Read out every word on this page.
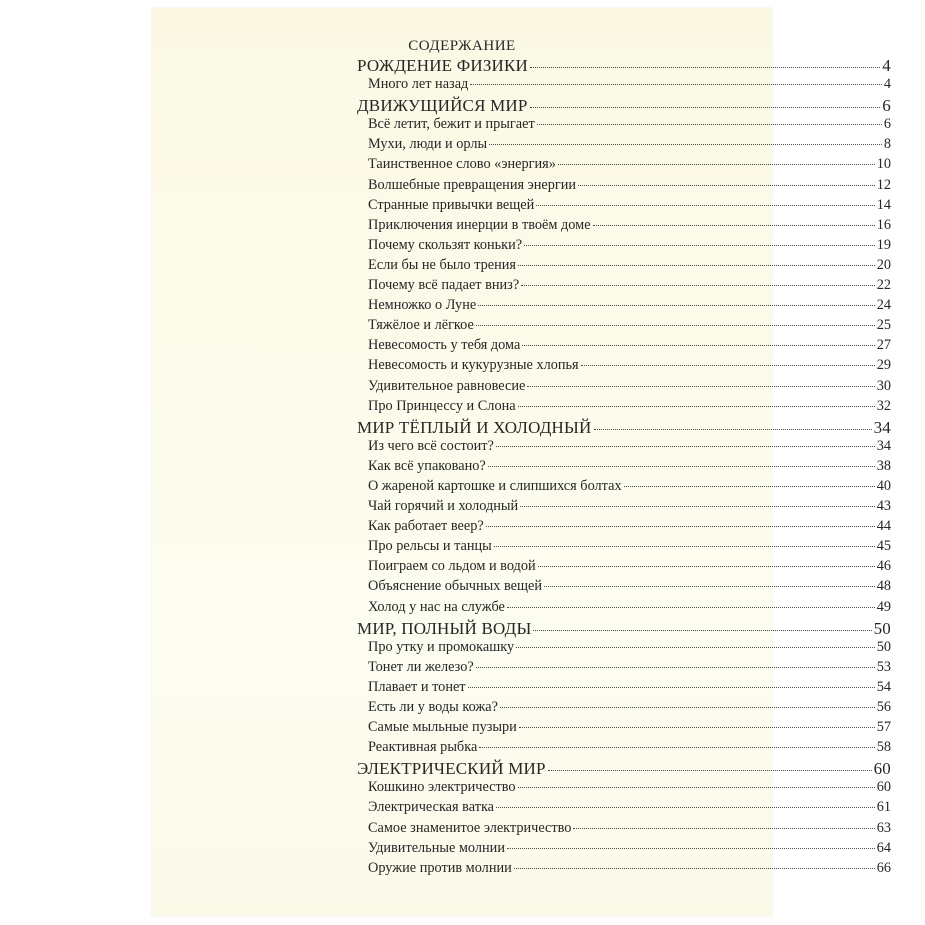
СОДЕРЖАНИЕ
РОЖДЕНИЕ ФИЗИКИ	4
Много лет назад	4
ДВИЖУЩИЙСЯ МИР	6
Всё летит, бежит и прыгает	6
Мухи, люди и орлы	8
Таинственное слово «энергия»	10
Волшебные превращения энергии	12
Странные привычки вещей	14
Приключения инерции в твоём доме	16
Почему скользят коньки?	19
Если бы не было трения	20
Почему всё падает вниз?	22
Немножко о Луне	24
Тяжёлое и лёгкое	25
Невесомость у тебя дома	27
Невесомость и кукурузные хлопья	29
Удивительное равновесие	30
Про Принцессу и Слона	32
МИР ТЁПЛЫЙ И ХОЛОДНЫЙ	34
Из чего всё состоит?	34
Как всё упаковано?	38
О жареной картошке и слипшихся болтах	40
Чай горячий и холодный	43
Как работает веер?	44
Про рельсы и танцы	45
Поиграем со льдом и водой	46
Объяснение обычных вещей	48
Холод у нас на службе	49
МИР, ПОЛНЫЙ ВОДЫ	50
Про утку и промокашку	50
Тонет ли железо?	53
Плавает и тонет	54
Есть ли у воды кожа?	56
Самые мыльные пузыри	57
Реактивная рыбка	58
ЭЛЕКТРИЧЕСКИЙ МИР	60
Кошкино электричество	60
Электрическая ватка	61
Самое знаменитое электричество	63
Удивительные молнии	64
Оружие против молнии	66
